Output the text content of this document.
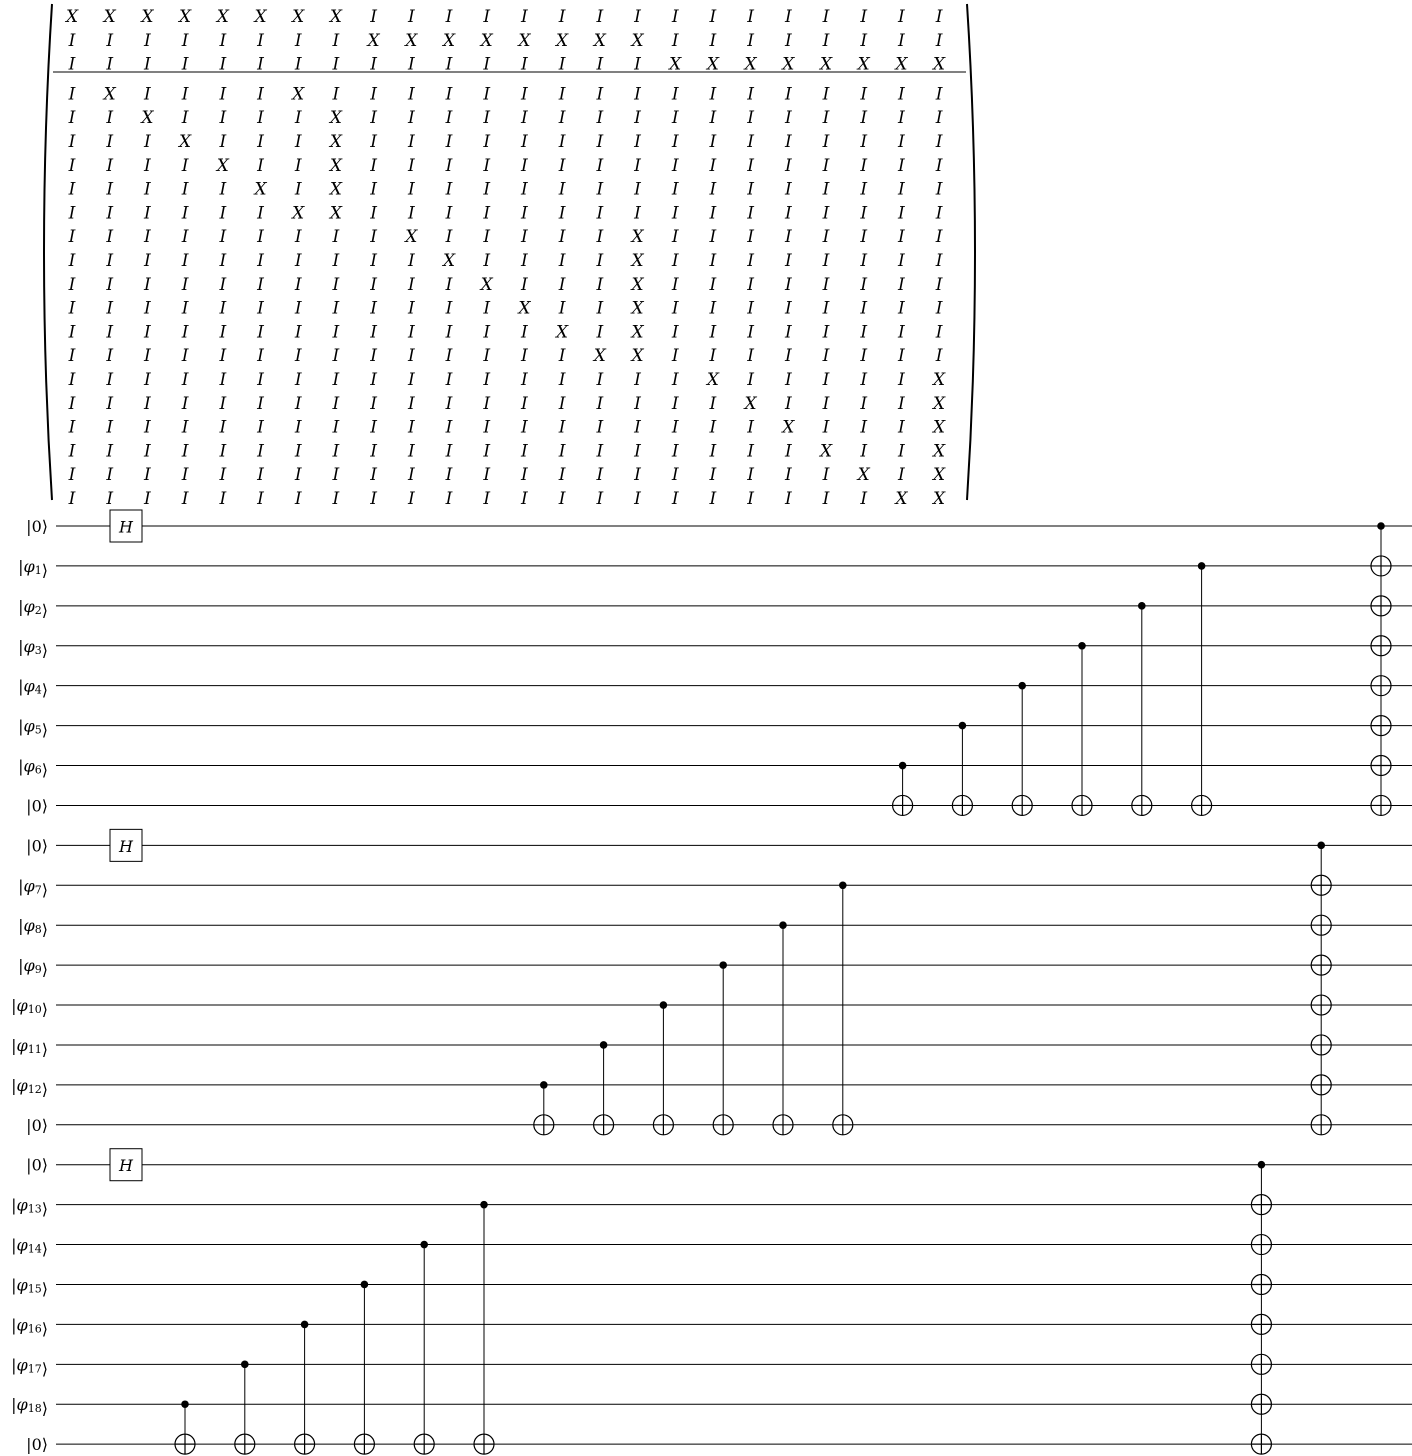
X X X X X X X X I I I I I I I I I I I I I I I I
I I I I I I I I X X X X X X X X I I I I I I I I
I I I I I I I I I I I I I I I I X X X X X X X X
I X I I I I X I I I I I I I I I I I I I I I I I
I I X I I I I X I I I I I I I I I I I I I I I I
I I I X I I I X I I I I I I I I I I I I I I I I
I I I I X I I X I I I I I I I I I I I I I I I I
I I I I I X I X I I I I I I I I I I I I I I I I
I I I I I I X X I I I I I I I I I I I I I I I I
I I I I I I I I I X I I I I I X I I I I I I I I
I I I I I I I I I I X I I I I X I I I I I I I I
I I I I I I I I I I I X I I I X I I I I I I I I
I I I I I I I I I I I I X I I X I I I I I I I I
I I I I I I I I I I I I I X I X I I I I I I I I
I I I I I I I I I I I I I I X X I I I I I I I I
I I I I I I I I I I I I I I I I I X I I I I I X
I I I I I I I I I I I I I I I I I I X I I I I X
I I I I I I I I I I I I I I I I I I I X I I I X
I I I I I I I I I I I I I I I I I I I I X I I X
I I I I I I I I I I I I I I I I I I I I I X I X
I I I I I I I I I I I I I I I I I I I I I I X X
|0⟩
$|\varphi_1⟩$
$|\varphi_2⟩$
$|\varphi_3⟩$
$|\varphi_4⟩$
$|\varphi_5⟩$
$|\varphi_6⟩$
|0⟩
|0⟩
$|\varphi_7⟩$
$|\varphi_8⟩$
$|\varphi_9⟩$
$|\varphi_{10}⟩$
$|\varphi_{11}⟩$
$|\varphi_{12}⟩$
|0⟩
|0⟩
$|\varphi_{13}⟩$
$|\varphi_{14}⟩$
$|\varphi_{15}⟩$
$|\varphi_{16}⟩$
$|\varphi_{17}⟩$
$|\varphi_{18}⟩$
|0⟩
H
H
H
